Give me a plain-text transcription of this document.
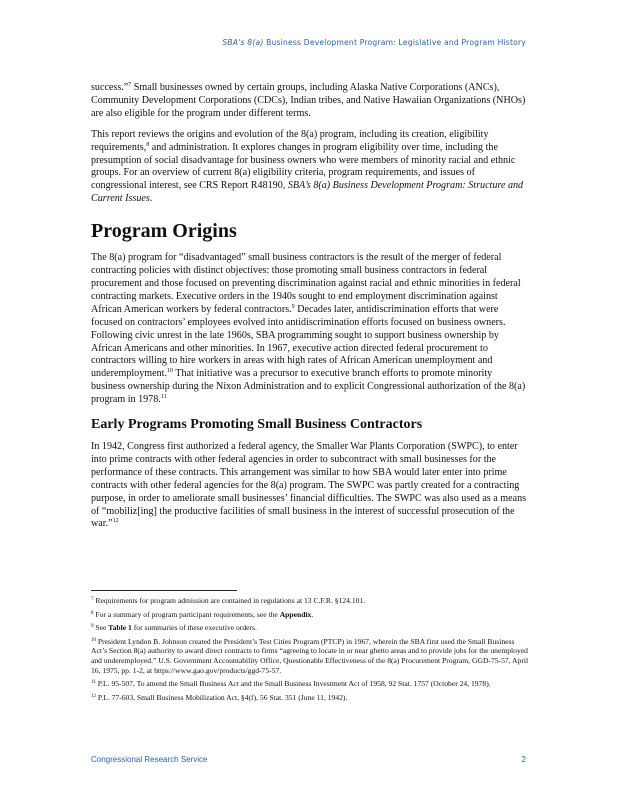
SBA's 8(a) Business Development Program: Legislative and Program History

success.”$^7$ Small businesses owned by certain groups, including Alaska Native Corporations (ANCs), Community Development Corporations (CDCs), Indian tribes, and Native Hawaiian Organizations (NHOs) are also eligible for the program under different terms.

This report reviews the origins and evolution of the 8(a) program, including its creation, eligibility requirements,$^8$ and administration. It explores changes in program eligibility over time, including the presumption of social disadvantage for business owners who were members of minority racial and ethnic groups. For an overview of current 8(a) eligibility criteria, program requirements, and issues of congressional interest, see CRS Report R48190, SBA’s 8(a) Business Development Program: Structure and Current Issues.

Program Origins

The 8(a) program for “disadvantaged” small business contractors is the result of the merger of federal contracting policies with distinct objectives: those promoting small business contractors in federal procurement and those focused on preventing discrimination against racial and ethnic minorities in federal contracting markets. Executive orders in the 1940s sought to end employment discrimination against African American workers by federal contractors.$^9$ Decades later, antidiscrimination efforts that were focused on contractors’ employees evolved into antidiscrimination efforts focused on business owners. Following civic unrest in the late 1960s, SBA programming sought to support business ownership by African Americans and other minorities. In 1967, executive action directed federal procurement to contractors willing to hire workers in areas with high rates of African American unemployment and underemployment.$^{10}$ That initiative was a precursor to executive branch efforts to promote minority business ownership during the Nixon Administration and to explicit Congressional authorization of the 8(a) program in 1978.11

Early Programs Promoting Small Business Contractors

In 1942, Congress first authorized a federal agency, the Smaller War Plants Corporation (SWPC), to enter into prime contracts with other federal agencies in order to subcontract with small businesses for the performance of these contracts. This arrangement was similar to how SBA would later enter into prime contracts with other federal agencies for the 8(a) program. The SWPC was partly created for a contracting purpose, in order to ameliorate small businesses’ financial difficulties. The SWPC was also used as a means of “mobiliz[ing] the productive facilities of small business in the interest of successful prosecution of the war.”$^{12}$

$^7$ Requirements for program admission are contained in regulations at 13 C.F.R. §124.101.
$^8$ For a summary of program participant requirements, see the Appendix.
$^9$ See Table 1 for summaries of these executive orders.
$^{10}$ President Lyndon B. Johnson created the President’s Test Cities Program (PTCP) in 1967, wherein the SBA first used the Small Business Act’s Section 8(a) authority to award direct contracts to firms “agreeing to locate in or near ghetto areas and to provide jobs for the unemployed and underemployed.” U.S. Government Accountability Office, Questionable Effectiveness of the 8(a) Procurement Program, GGD-75-57, April 16, 1975, pp. 1-2, at https://www.gao.gov/products/ggd-75-57.
$^{11}$ P.L. 95-507, To amend the Small Business Act and the Small Business Investment Act of 1958, 92 Stat. 1757 (October 24, 1978).
$^{12}$ P.L. 77-603, Small Business Mobilization Act, §4(f), 56 Stat. 351 (June 11, 1942).
Congressional Research Service	2
